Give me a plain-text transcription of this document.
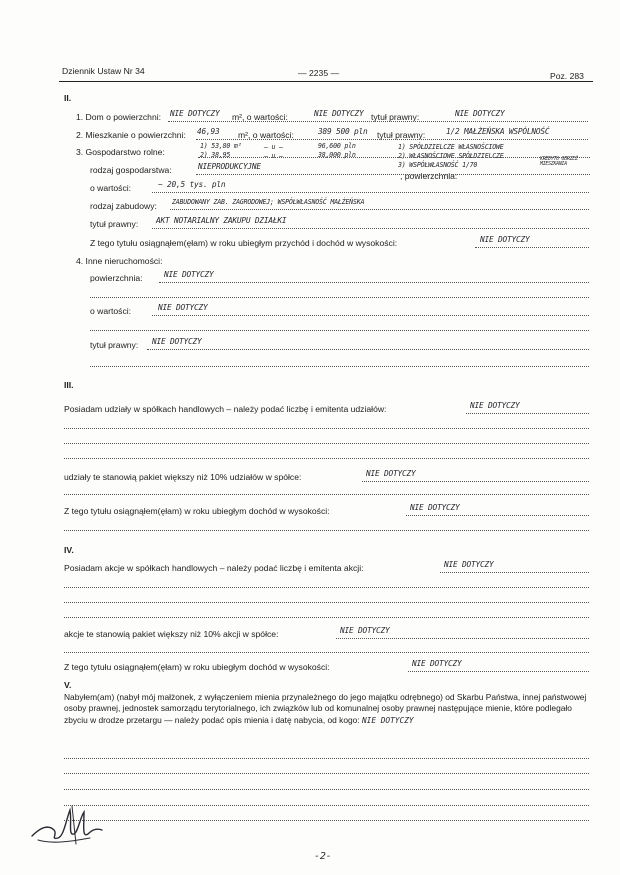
Dziennik Ustaw Nr 34	— 2235 —	Poz. 283
II.
1. Dom o powierzchni: NIE DOTYCZY m², o wartości:	NIE DOTYCZY tytuł prawny:	NIE DOTYCZY
2. Mieszkanie o powierzchni: 46,93 m², o wartości:	389 500 pln tytuł prawny:	1/2 MAŁŻEŃSKA WSPÓLNOŚĆ
3. Gospodarstwo rolne:
1) 53,80 m²	– u –	96,600 pln	1) SPÓŁDZIELCZE WŁASNOŚCIOWE
2) 38,95	– u –	38,000 pln	2) WŁASNOŚCIOWE SPÓŁDZIELCZE
3) WSPÓŁWŁASNOŚĆ 1/70
KREDYTU OBRZEŻ MIESZKANIA
rodzaj gospodarstwa:	NIEPRODUKCYJNE
, powierzchnia:
o wartości:	~ 20,5 tys. pln
rodzaj zabudowy: ZABUDOWANY ZAB. ZAGRODOWEJ; WSPÓŁWŁASNOŚĆ MAŁŻEŃSKA
tytuł prawny: AKT NOTARIALNY ZAKUPU DZIAŁKI
Z tego tytułu osiągnąłem(ęłam) w roku ubiegłym przychód i dochód w wysokości:	NIE DOTYCZY
4. Inne nieruchomości:
powierzchnia:	NIE DOTYCZY
o wartości:	NIE DOTYCZY
tytuł prawny: NIE DOTYCZY
III.
Posiadam udziały w spółkach handlowych – należy podać liczbę i emitenta udziałów:	NIE DOTYCZY
udziały te stanowią pakiet większy niż 10% udziałów w spółce:	NIE DOTYCZY
Z tego tytułu osiągnąłem(ęłam) w roku ubiegłym dochód w wysokości:	NIE DOTYCZY
IV.
Posiadam akcje w spółkach handlowych – należy podać liczbę i emitenta akcji:	NIE DOTYCZY
akcje te stanowią pakiet większy niż 10% akcji w spółce:	NIE DOTYCZY
Z tego tytułu osiągnąłem(ęłam) w roku ubiegłym dochód w wysokości:	NIE DOTYCZY
V.
Nabyłem(am) (nabył mój małżonek, z wyłączeniem mienia przynależnego do jego majątku odrębnego) od Skarbu Państwa, innej państwowej osoby prawnej, jednostek samorządu terytorialnego, ich związków lub od komunalnej osoby prawnej następujące mienie, które podlegało zbyciu w drodze przetargu — należy podać opis mienia i datę nabycia, od kogo: NIE DOTYCZY
-2-
